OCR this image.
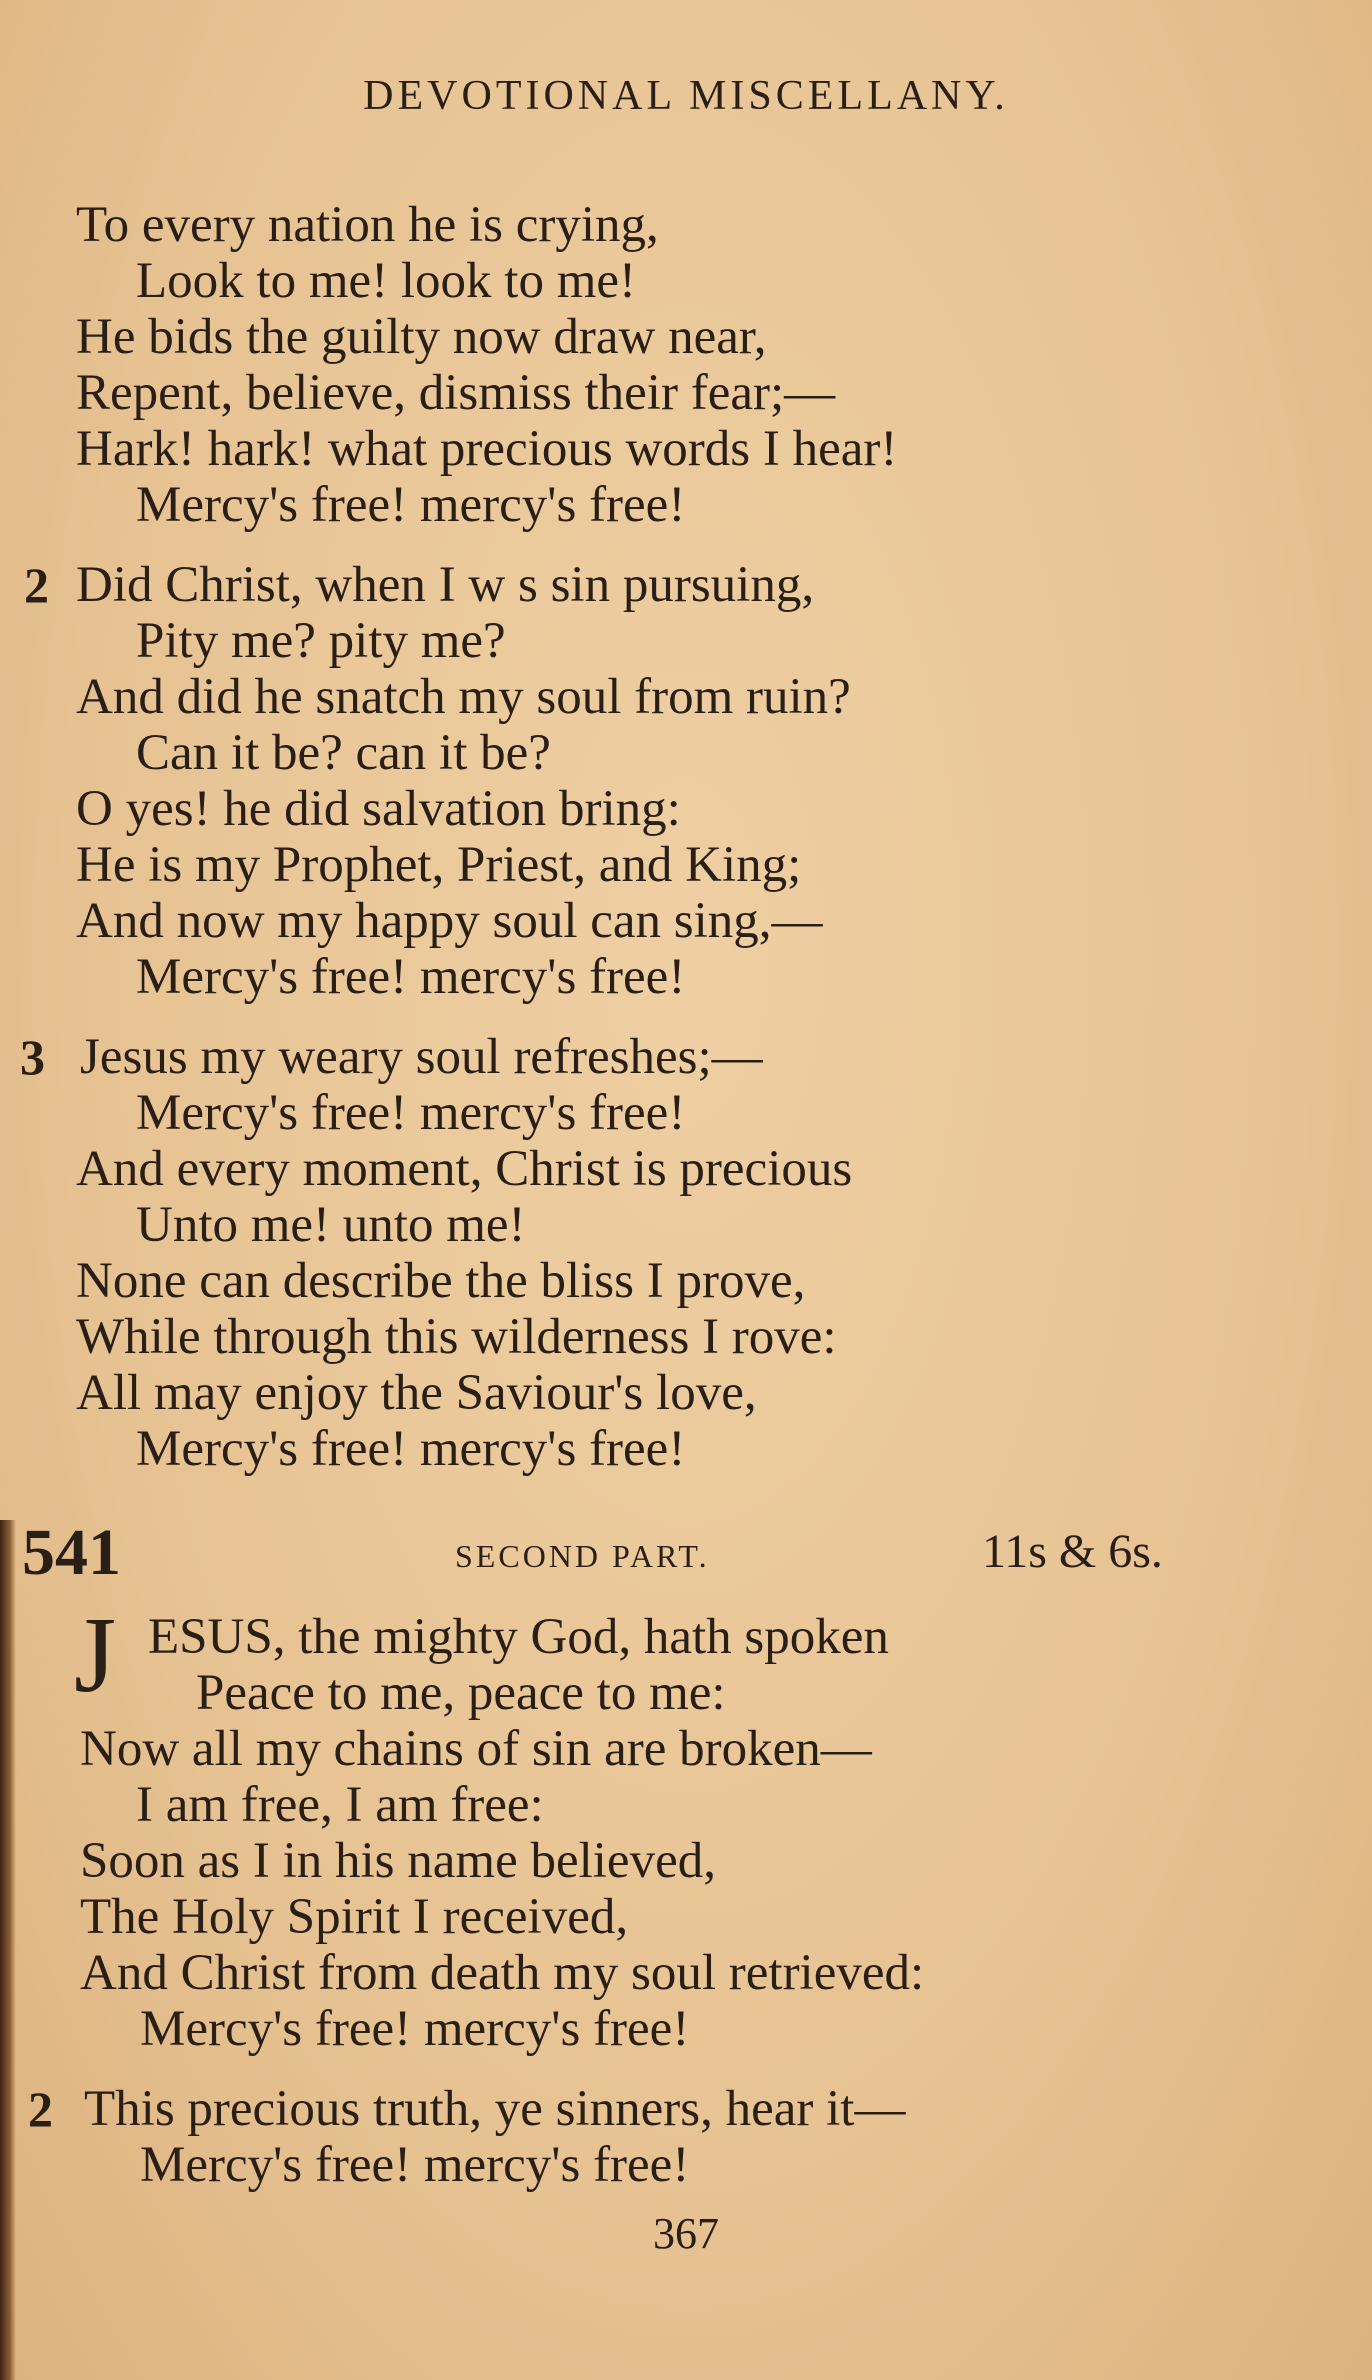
DEVOTIONAL MISCELLANY.
To every nation he is crying,
Look to me! look to me!
He bids the guilty now draw near,
Repent, believe, dismiss their fear;—
Hark! hark! what precious words I hear!
Mercy's free! mercy's free!
2 Did Christ, when I w s sin pursuing,
Pity me? pity me?
And did he snatch my soul from ruin?
Can it be? can it be?
O yes! he did salvation bring:
He is my Prophet, Priest, and King;
And now my happy soul can sing,—
Mercy's free! mercy's free!
3 Jesus my weary soul refreshes;—
Mercy's free! mercy's free!
And every moment, Christ is precious
Unto me! unto me!
None can describe the bliss I prove,
While through this wilderness I rove:
All may enjoy the Saviour's love,
Mercy's free! mercy's free!
541	SECOND PART.	11s & 6s.
J ESUS, the mighty God, hath spoken
Peace to me, peace to me:
Now all my chains of sin are broken—
I am free, I am free:
Soon as I in his name believed,
The Holy Spirit I received,
And Christ from death my soul retrieved:
Mercy's free! mercy's free!
2 This precious truth, ye sinners, hear it—
Mercy's free! mercy's free!
367
